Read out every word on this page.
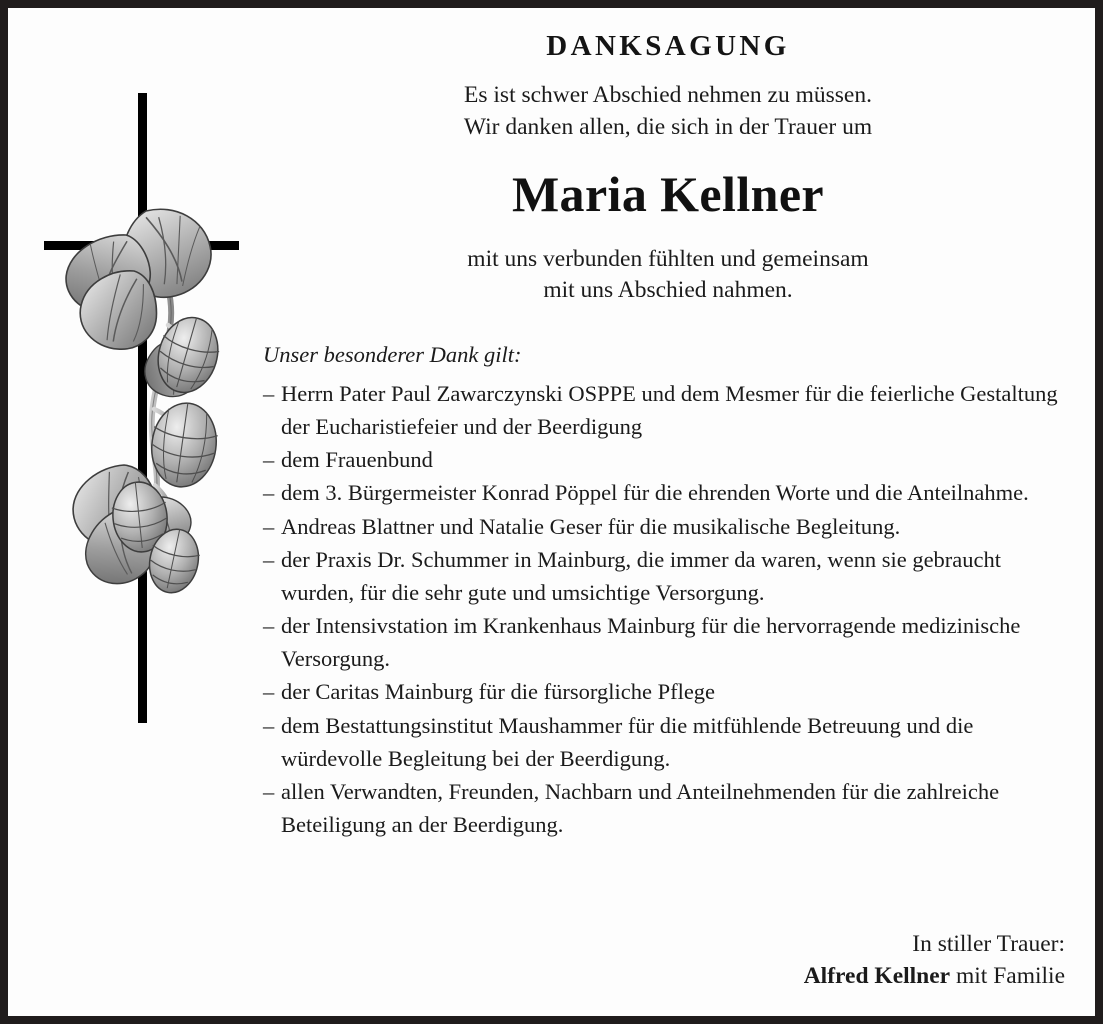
DANKSAGUNG
Es ist schwer Abschied nehmen zu müssen.
Wir danken allen, die sich in der Trauer um
Maria Kellner
mit uns verbunden fühlten und gemeinsam
mit uns Abschied nahmen.
Unser besonderer Dank gilt:
– Herrn Pater Paul Zawarczynski OSPPE und dem Mesmer für die feierliche Gestaltung der Eucharistiefeier und der Beerdigung
– dem Frauenbund
– dem 3. Bürgermeister Konrad Pöppel für die ehrenden Worte und die Anteilnahme.
– Andreas Blattner und Natalie Geser für die musikalische Begleitung.
– der Praxis Dr. Schummer in Mainburg, die immer da waren, wenn sie gebraucht wurden, für die sehr gute und umsichtige Versorgung.
– der Intensivstation im Krankenhaus Mainburg für die hervorragende medizinische Versorgung.
– der Caritas Mainburg für die fürsorgliche Pflege
– dem Bestattungsinstitut Maushammer für die mitfühlende Betreuung und die würdevolle Begleitung bei der Beerdigung.
– allen Verwandten, Freunden, Nachbarn und Anteilnehmenden für die zahlreiche Beteiligung an der Beerdigung.
In stiller Trauer:
Alfred Kellner mit Familie
